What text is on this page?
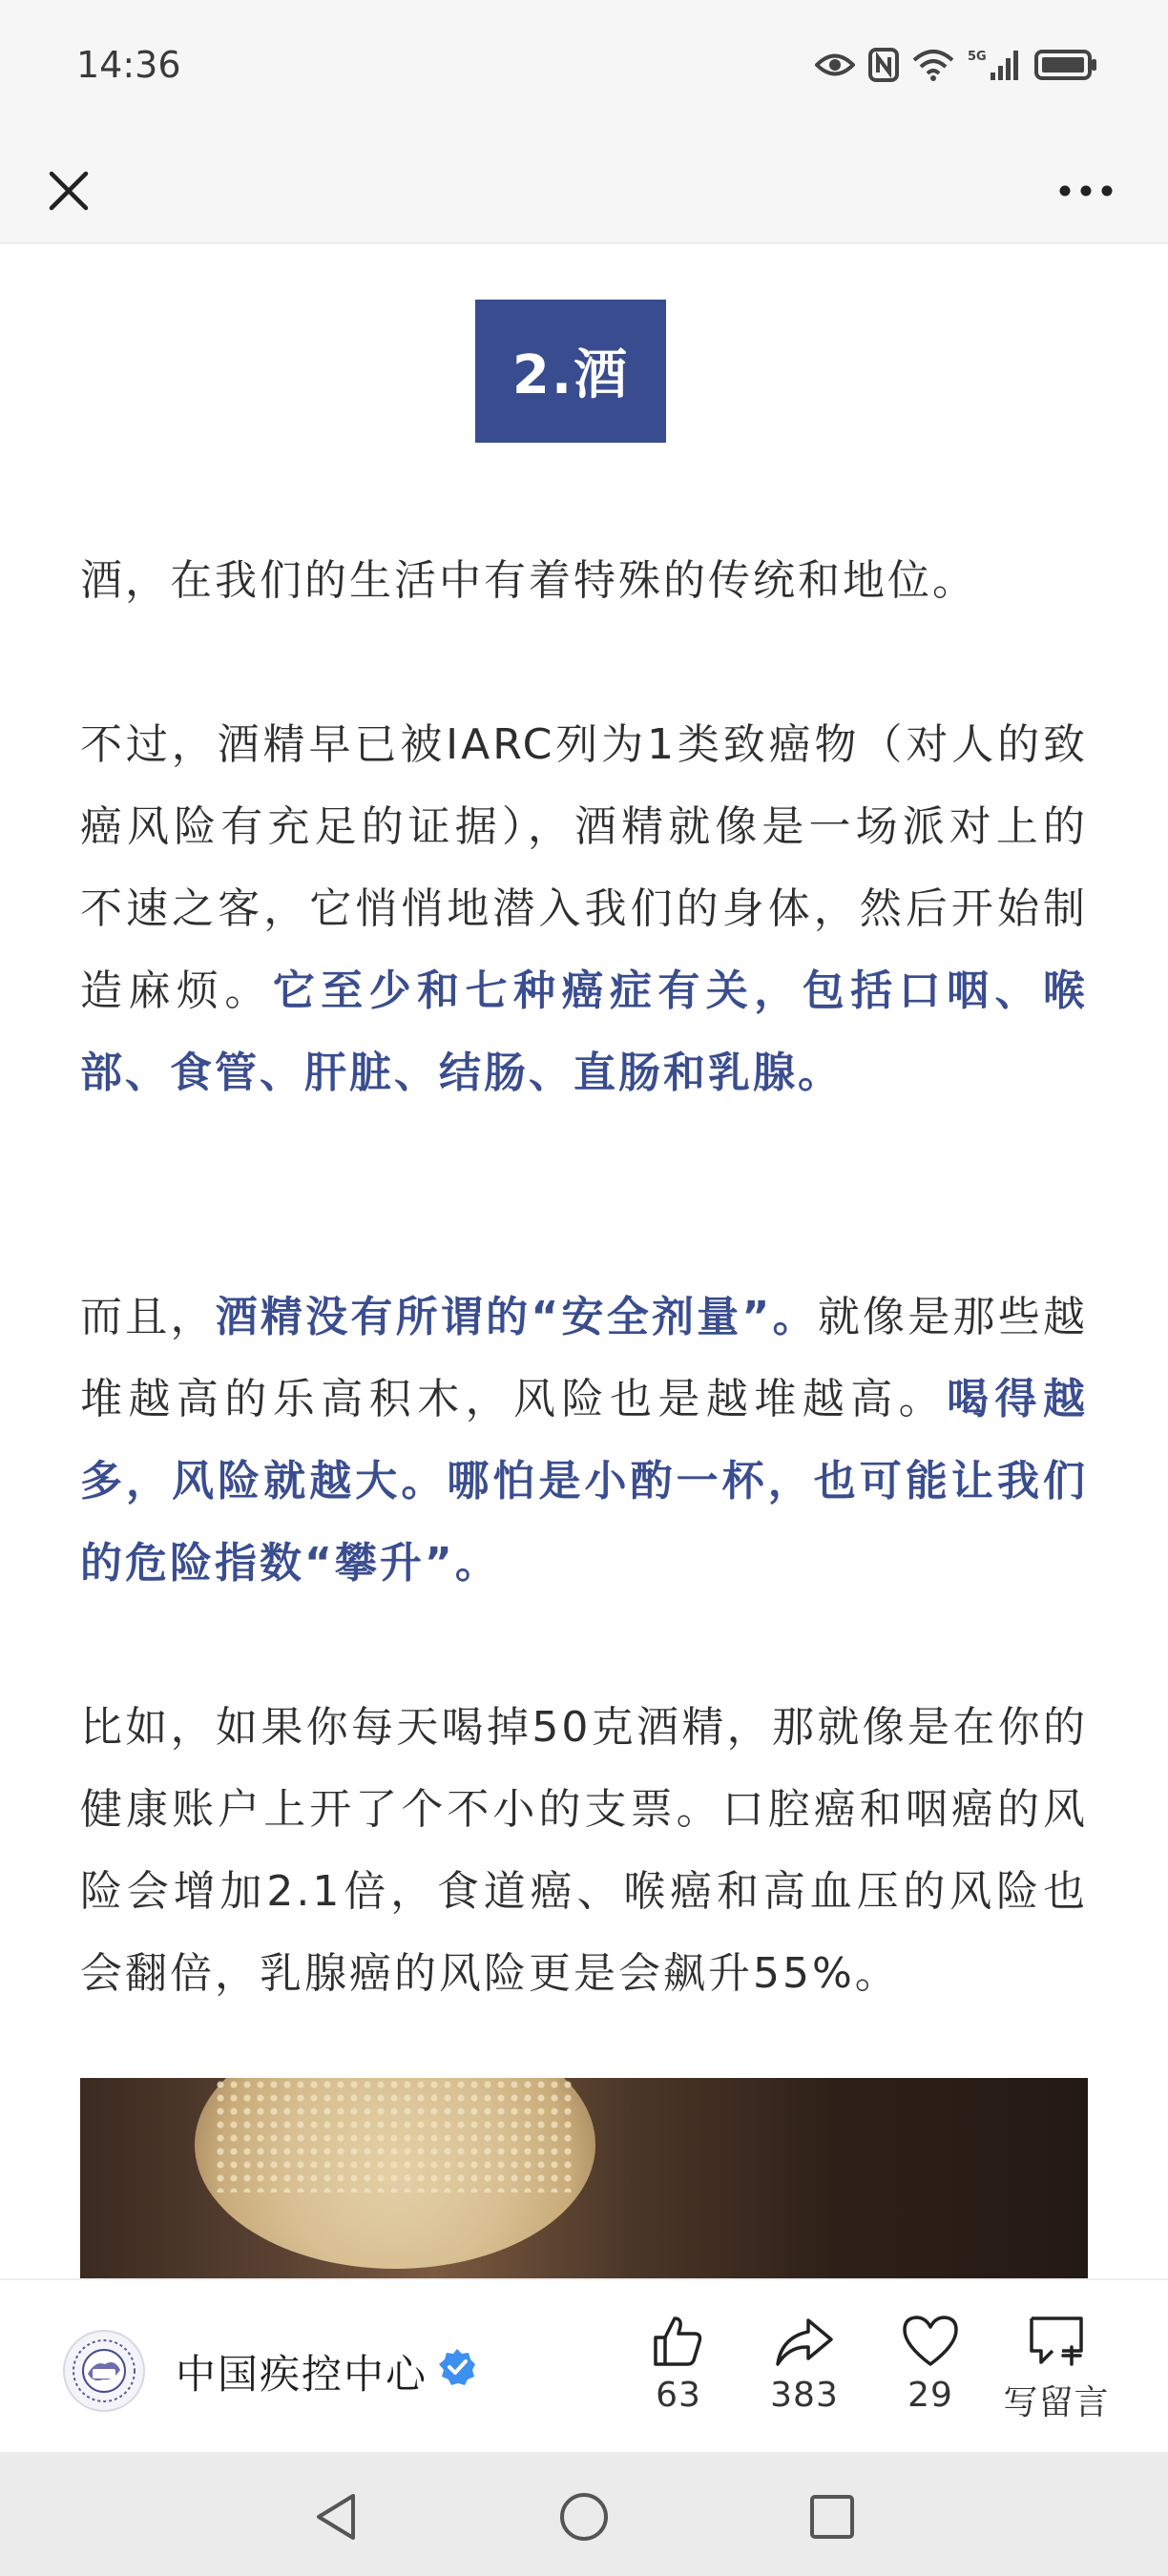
14:36	5G
2.酒

酒，在我们的生活中有着特殊的传统和地位。

不过，酒精早已被IARC列为1类致癌物（对人的致癌风险有充足的证据），酒精就像是一场派对上的不速之客，它悄悄地潜入我们的身体，然后开始制造麻烦。它至少和七种癌症有关，包括口咽、喉部、食管、肝脏、结肠、直肠和乳腺。

而且，酒精没有所谓的“安全剂量”。就像是那些越堆越高的乐高积木，风险也是越堆越高。喝得越多，风险就越大。哪怕是小酌一杯，也可能让我们的危险指数“攀升”。

比如，如果你每天喝掉50克酒精，那就像是在你的健康账户上开了个不小的支票。口腔癌和咽癌的风险会增加2.1倍，食道癌、喉癌和高血压的风险也会翻倍，乳腺癌的风险更是会飙升55%。

中国疾控中心	63 383 29 写留言
